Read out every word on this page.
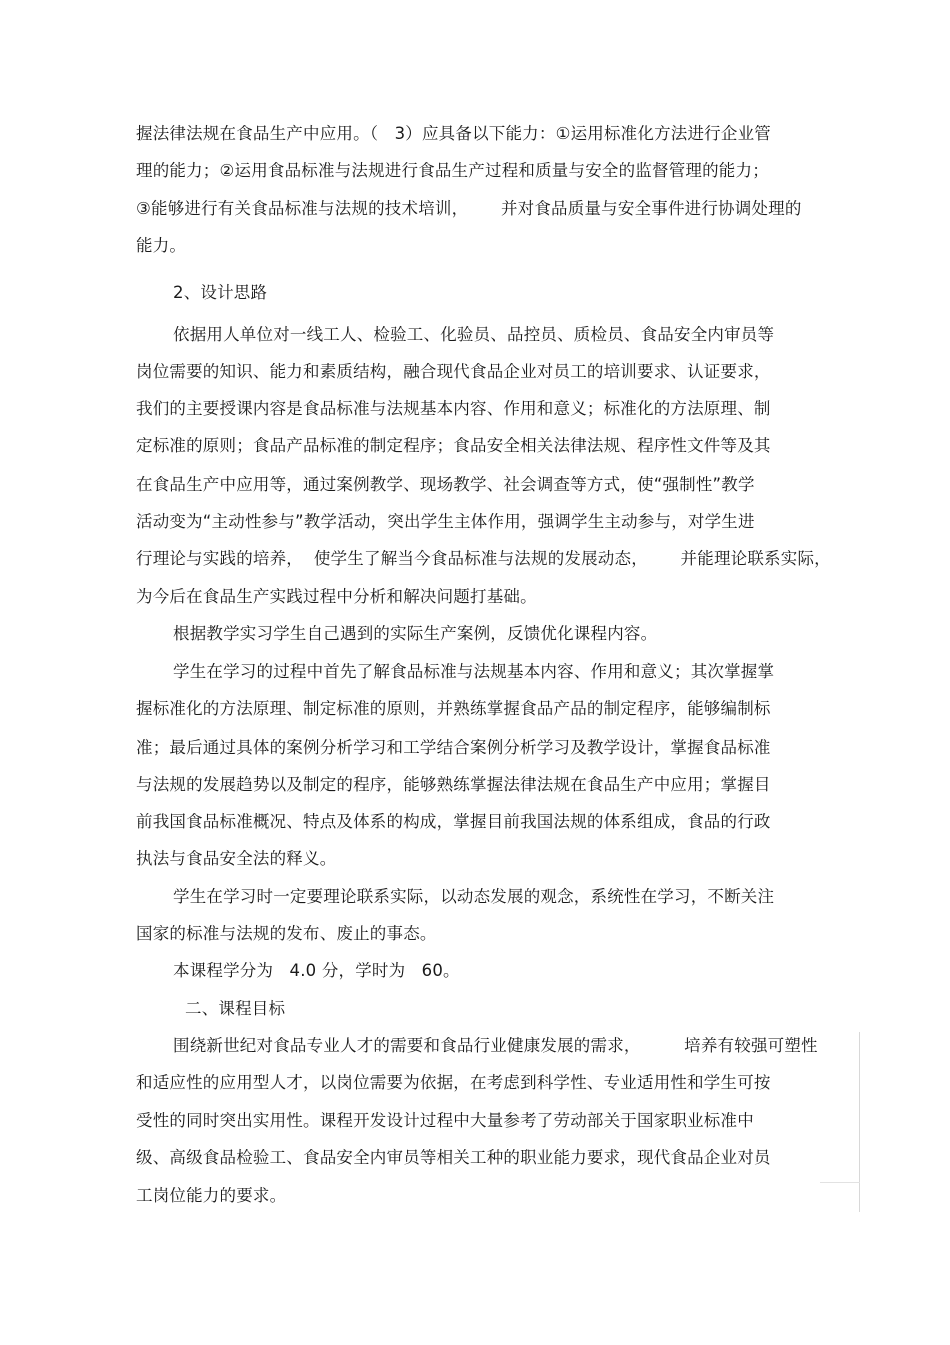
握法律法规在食品生产中应用。（   3）应具备以下能力：①运用标准化方法进行企业管
理的能力；②运用食品标准与法规进行食品生产过程和质量与安全的监督管理的能力；
③能够进行有关食品标准与法规的技术培训，      并对食品质量与安全事件进行协调处理的
能力。
2、设计思路
依据用人单位对一线工人、检验工、化验员、品控员、质检员、食品安全内审员等
岗位需要的知识、能力和素质结构，融合现代食品企业对员工的培训要求、认证要求，
我们的主要授课内容是食品标准与法规基本内容、作用和意义；标准化的方法原理、制
定标准的原则；食品产品标准的制定程序；食品安全相关法律法规、程序性文件等及其
在食品生产中应用等，通过案例教学、现场教学、社会调查等方式，使“强制性”教学
活动变为“主动性参与”教学活动，突出学生主体作用，强调学生主动参与，对学生进
行理论与实践的培养，  使学生了解当今食品标准与法规的发展动态，      并能理论联系实际，
为今后在食品生产实践过程中分析和解决问题打基础。
根据教学实习学生自己遇到的实际生产案例，反馈优化课程内容。
学生在学习的过程中首先了解食品标准与法规基本内容、作用和意义；其次掌握掌
握标准化的方法原理、制定标准的原则，并熟练掌握食品产品的制定程序，能够编制标
准；最后通过具体的案例分析学习和工学结合案例分析学习及教学设计，掌握食品标准
与法规的发展趋势以及制定的程序，能够熟练掌握法律法规在食品生产中应用；掌握目
前我国食品标准概况、特点及体系的构成，掌握目前我国法规的体系组成，食品的行政
执法与食品安全法的释义。
学生在学习时一定要理论联系实际，以动态发展的观念，系统性在学习，不断关注
国家的标准与法规的发布、废止的事态。
本课程学分为   4.0 分，学时为   60。
二、课程目标
围绕新世纪对食品专业人才的需要和食品行业健康发展的需求，        培养有较强可塑性
和适应性的应用型人才，以岗位需要为依据，在考虑到科学性、专业适用性和学生可按
受性的同时突出实用性。课程开发设计过程中大量参考了劳动部关于国家职业标准中
级、高级食品检验工、食品安全内审员等相关工种的职业能力要求，现代食品企业对员
工岗位能力的要求。
